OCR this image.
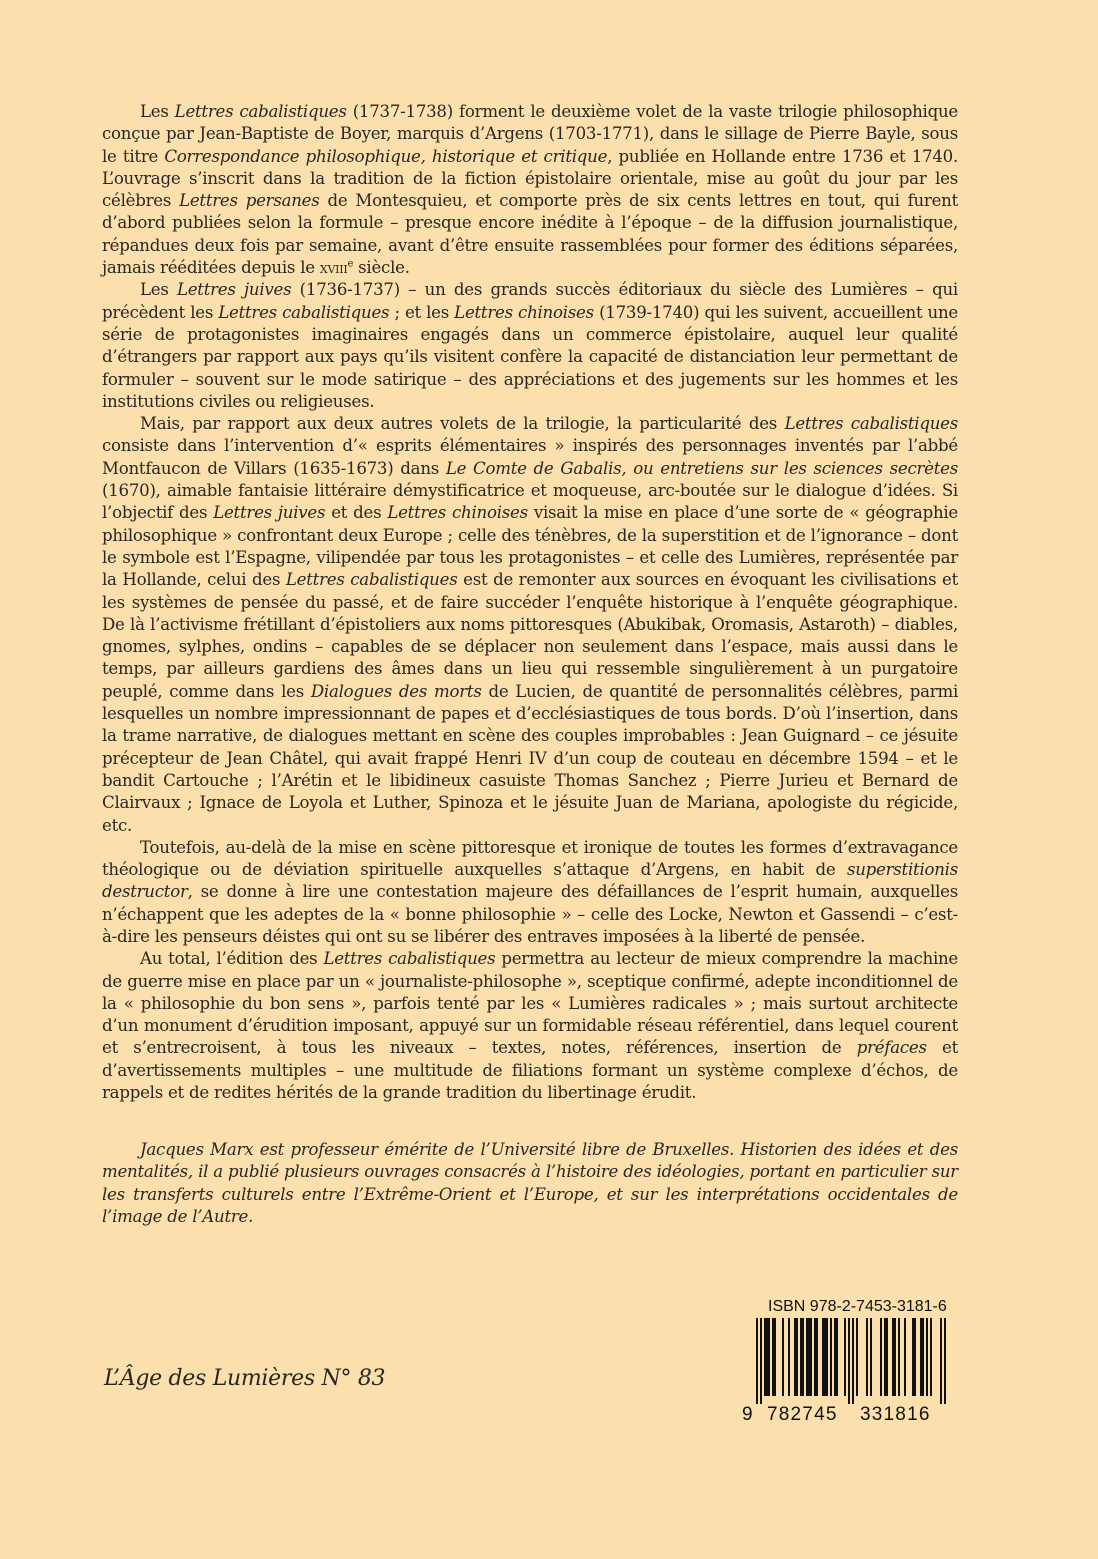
Les Lettres cabalistiques (1737-1738) forment le deuxième volet de la vaste trilogie philosophique conçue par Jean-Baptiste de Boyer, marquis d’Argens (1703-1771), dans le sillage de Pierre Bayle, sous le titre Correspondance philosophique, historique et critique, publiée en Hollande entre 1736 et 1740. L’ouvrage s’inscrit dans la tradition de la fiction épistolaire orientale, mise au goût du jour par les célèbres Lettres persanes de Montesquieu, et comporte près de six cents lettres en tout, qui furent d’abord publiées selon la formule – presque encore inédite à l’époque – de la diffusion journalistique, répandues deux fois par semaine, avant d’être ensuite rassemblées pour former des éditions séparées, jamais rééditées depuis le xviii$^e$ siècle.

Les Lettres juives (1736-1737) – un des grands succès éditoriaux du siècle des Lumières – qui précèdent les Lettres cabalistiques ; et les Lettres chinoises (1739-1740) qui les suivent, accueillent une série de protagonistes imaginaires engagés dans un commerce épistolaire, auquel leur qualité d’étrangers par rapport aux pays qu’ils visitent confère la capacité de distanciation leur permettant de formuler – souvent sur le mode satirique – des appréciations et des jugements sur les hommes et les institutions civiles ou religieuses.

Mais, par rapport aux deux autres volets de la trilogie, la particularité des Lettres cabalistiques consiste dans l’intervention d’« esprits élémentaires » inspirés des personnages inventés par l’abbé Montfaucon de Villars (1635-1673) dans Le Comte de Gabalis, ou entretiens sur les sciences secrètes (1670), aimable fantaisie littéraire démystificatrice et moqueuse, arc-boutée sur le dialogue d’idées. Si l’objectif des Lettres juives et des Lettres chinoises visait la mise en place d’une sorte de « géographie philosophique » confrontant deux Europe ; celle des ténèbres, de la superstition et de l’ignorance – dont le symbole est l’Espagne, vilipendée par tous les protagonistes – et celle des Lumières, représentée par la Hollande, celui des Lettres cabalistiques est de remonter aux sources en évoquant les civilisations et les systèmes de pensée du passé, et de faire succéder l’enquête historique à l’enquête géographique. De là l’activisme frétillant d’épistoliers aux noms pittoresques (Abukibak, Oromasis, Astaroth) – diables, gnomes, sylphes, ondins – capables de se déplacer non seulement dans l’espace, mais aussi dans le temps, par ailleurs gardiens des âmes dans un lieu qui ressemble singulièrement à un purgatoire peuplé, comme dans les Dialogues des morts de Lucien, de quantité de personnalités célèbres, parmi lesquelles un nombre impressionnant de papes et d’ecclésiastiques de tous bords. D’où l’insertion, dans la trame narrative, de dialogues mettant en scène des couples improbables : Jean Guignard – ce jésuite précepteur de Jean Châtel, qui avait frappé Henri IV d’un coup de couteau en décembre 1594 – et le bandit Cartouche ; l’Arétin et le libidineux casuiste Thomas Sanchez ; Pierre Jurieu et Bernard de Clairvaux ; Ignace de Loyola et Luther, Spinoza et le jésuite Juan de Mariana, apologiste du régicide, etc.

Toutefois, au-delà de la mise en scène pittoresque et ironique de toutes les formes d’extravagance théologique ou de déviation spirituelle auxquelles s’attaque d’Argens, en habit de superstitionis destructor, se donne à lire une contestation majeure des défaillances de l’esprit humain, auxquelles n’échappent que les adeptes de la « bonne philosophie » – celle des Locke, Newton et Gassendi – c’est-à-dire les penseurs déistes qui ont su se libérer des entraves imposées à la liberté de pensée.

Au total, l’édition des Lettres cabalistiques permettra au lecteur de mieux comprendre la machine de guerre mise en place par un « journaliste-philosophe », sceptique confirmé, adepte inconditionnel de la « philosophie du bon sens », parfois tenté par les « Lumières radicales » ; mais surtout architecte d’un monument d’érudition imposant, appuyé sur un formidable réseau référentiel, dans lequel courent et s’entrecroisent, à tous les niveaux – textes, notes, références, insertion de préfaces et d’avertissements multiples – une multitude de filiations formant un système complexe d’échos, de rappels et de redites hérités de la grande tradition du libertinage érudit.

Jacques Marx est professeur émérite de l’Université libre de Bruxelles. Historien des idées et des mentalités, il a publié plusieurs ouvrages consacrés à l’histoire des idéologies, portant en particulier sur les transferts culturels entre l’Extrême-Orient et l’Europe, et sur les interprétations occidentales de l’image de l’Autre.

L’Âge des Lumières N° 83

ISBN 978-2-7453-3181-6
9 782745 331816
